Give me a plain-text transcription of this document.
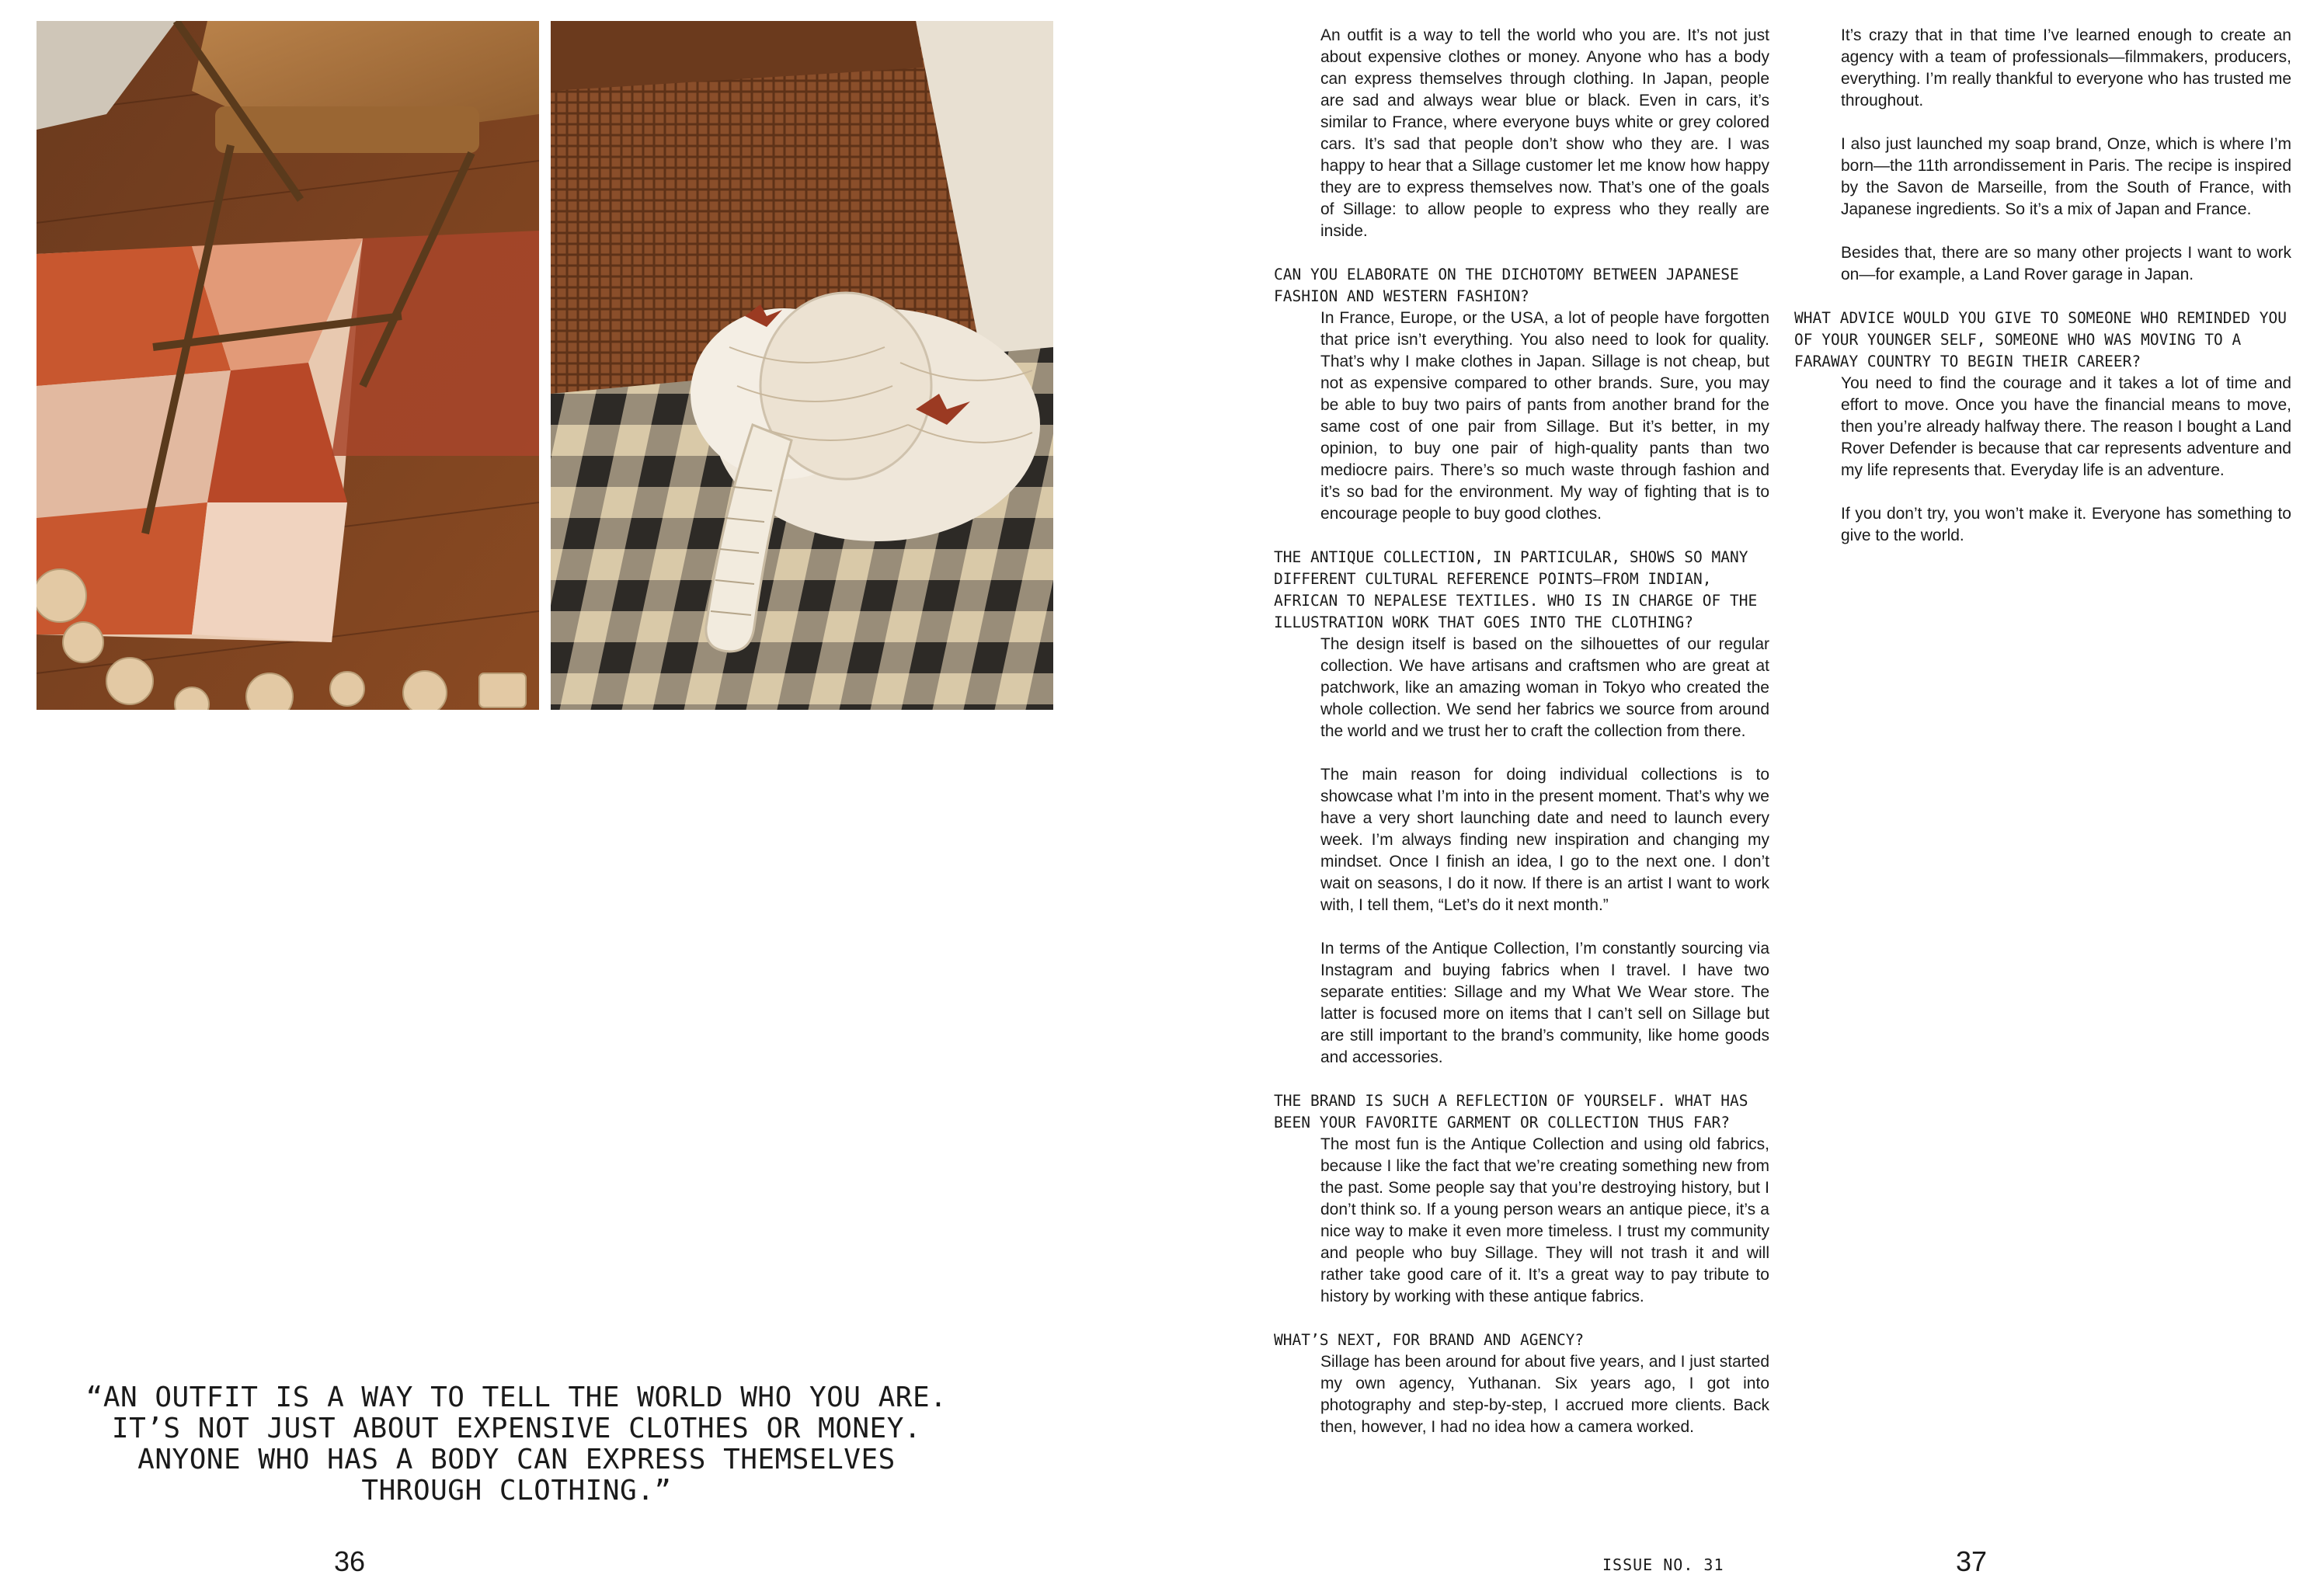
“AN OUTFIT IS A WAY TO TELL THE WORLD WHO YOU ARE. IT’S NOT JUST ABOUT EXPENSIVE CLOTHES OR MONEY. ANYONE WHO HAS A BODY CAN EXPRESS THEMSELVES THROUGH CLOTHING.”
36	ISSUE NO. 31	37

An outfit is a way to tell the world who you are. It’s not just about expensive clothes or money. Anyone who has a body can express themselves through clothing. In Japan, people are sad and always wear blue or black. Even in cars, it’s similar to France, where everyone buys white or grey colored cars. It’s sad that people don’t show who they are. I was happy to hear that a Sillage customer let me know how happy they are to express themselves now. That’s one of the goals of Sillage: to allow people to express who they really are inside.

CAN YOU ELABORATE ON THE DICHOTOMY BETWEEN JAPANESE FASHION AND WESTERN FASHION?

In France, Europe, or the USA, a lot of people have forgotten that price isn’t everything. You also need to look for quality. That’s why I make clothes in Japan. Sillage is not cheap, but not as expensive compared to other brands. Sure, you may be able to buy two pairs of pants from another brand for the same cost of one pair from Sillage. But it’s better, in my opinion, to buy one pair of high-quality pants than two mediocre pairs. There’s so much waste through fashion and it’s so bad for the environment. My way of fighting that is to encourage people to buy good clothes.

THE ANTIQUE COLLECTION, IN PARTICULAR, SHOWS SO MANY DIFFERENT CULTURAL REFERENCE POINTS—FROM INDIAN, AFRICAN TO NEPALESE TEXTILES. WHO IS IN CHARGE OF THE ILLUSTRATION WORK THAT GOES INTO THE CLOTHING?

The design itself is based on the silhouettes of our regular collection. We have artisans and craftsmen who are great at patchwork, like an amazing woman in Tokyo who created the whole collection. We send her fabrics we source from around the world and we trust her to craft the collection from there.

The main reason for doing individual collections is to showcase what I’m into in the present moment. That’s why we have a very short launching date and need to launch every week. I’m always finding new inspiration and changing my mindset. Once I finish an idea, I go to the next one. I don’t wait on seasons, I do it now. If there is an artist I want to work with, I tell them, “Let’s do it next month.”

In terms of the Antique Collection, I’m constantly sourcing via Instagram and buying fabrics when I travel. I have two separate entities: Sillage and my What We Wear store. The latter is focused more on items that I can’t sell on Sillage but are still important to the brand’s community, like home goods and accessories.

THE BRAND IS SUCH A REFLECTION OF YOURSELF. WHAT HAS BEEN YOUR FAVORITE GARMENT OR COLLECTION THUS FAR?

The most fun is the Antique Collection and using old fabrics, because I like the fact that we’re creating something new from the past. Some people say that you’re destroying history, but I don’t think so. If a young person wears an antique piece, it’s a nice way to make it even more timeless. I trust my community and people who buy Sillage. They will not trash it and will rather take good care of it. It’s a great way to pay tribute to history by working with these antique fabrics.

WHAT’S NEXT, FOR BRAND AND AGENCY?

Sillage has been around for about five years, and I just started my own agency, Yuthanan. Six years ago, I got into photography and step-by-step, I accrued more clients. Back then, however, I had no idea how a camera worked.

It’s crazy that in that time I’ve learned enough to create an agency with a team of professionals—filmmakers, producers, everything. I’m really thankful to everyone who has trusted me throughout.

I also just launched my soap brand, Onze, which is where I’m born—the 11th arrondissement in Paris. The recipe is inspired by the Savon de Marseille, from the South of France, with Japanese ingredients. So it’s a mix of Japan and France.

Besides that, there are so many other projects I want to work on—for example, a Land Rover garage in Japan.

WHAT ADVICE WOULD YOU GIVE TO SOMEONE WHO REMINDED YOU OF YOUR YOUNGER SELF, SOMEONE WHO WAS MOVING TO A FARAWAY COUNTRY TO BEGIN THEIR CAREER?

You need to find the courage and it takes a lot of time and effort to move. Once you have the financial means to move, then you’re already halfway there. The reason I bought a Land Rover Defender is because that car represents adventure and my life represents that. Everyday life is an adventure.

If you don’t try, you won’t make it. Everyone has something to give to the world.
